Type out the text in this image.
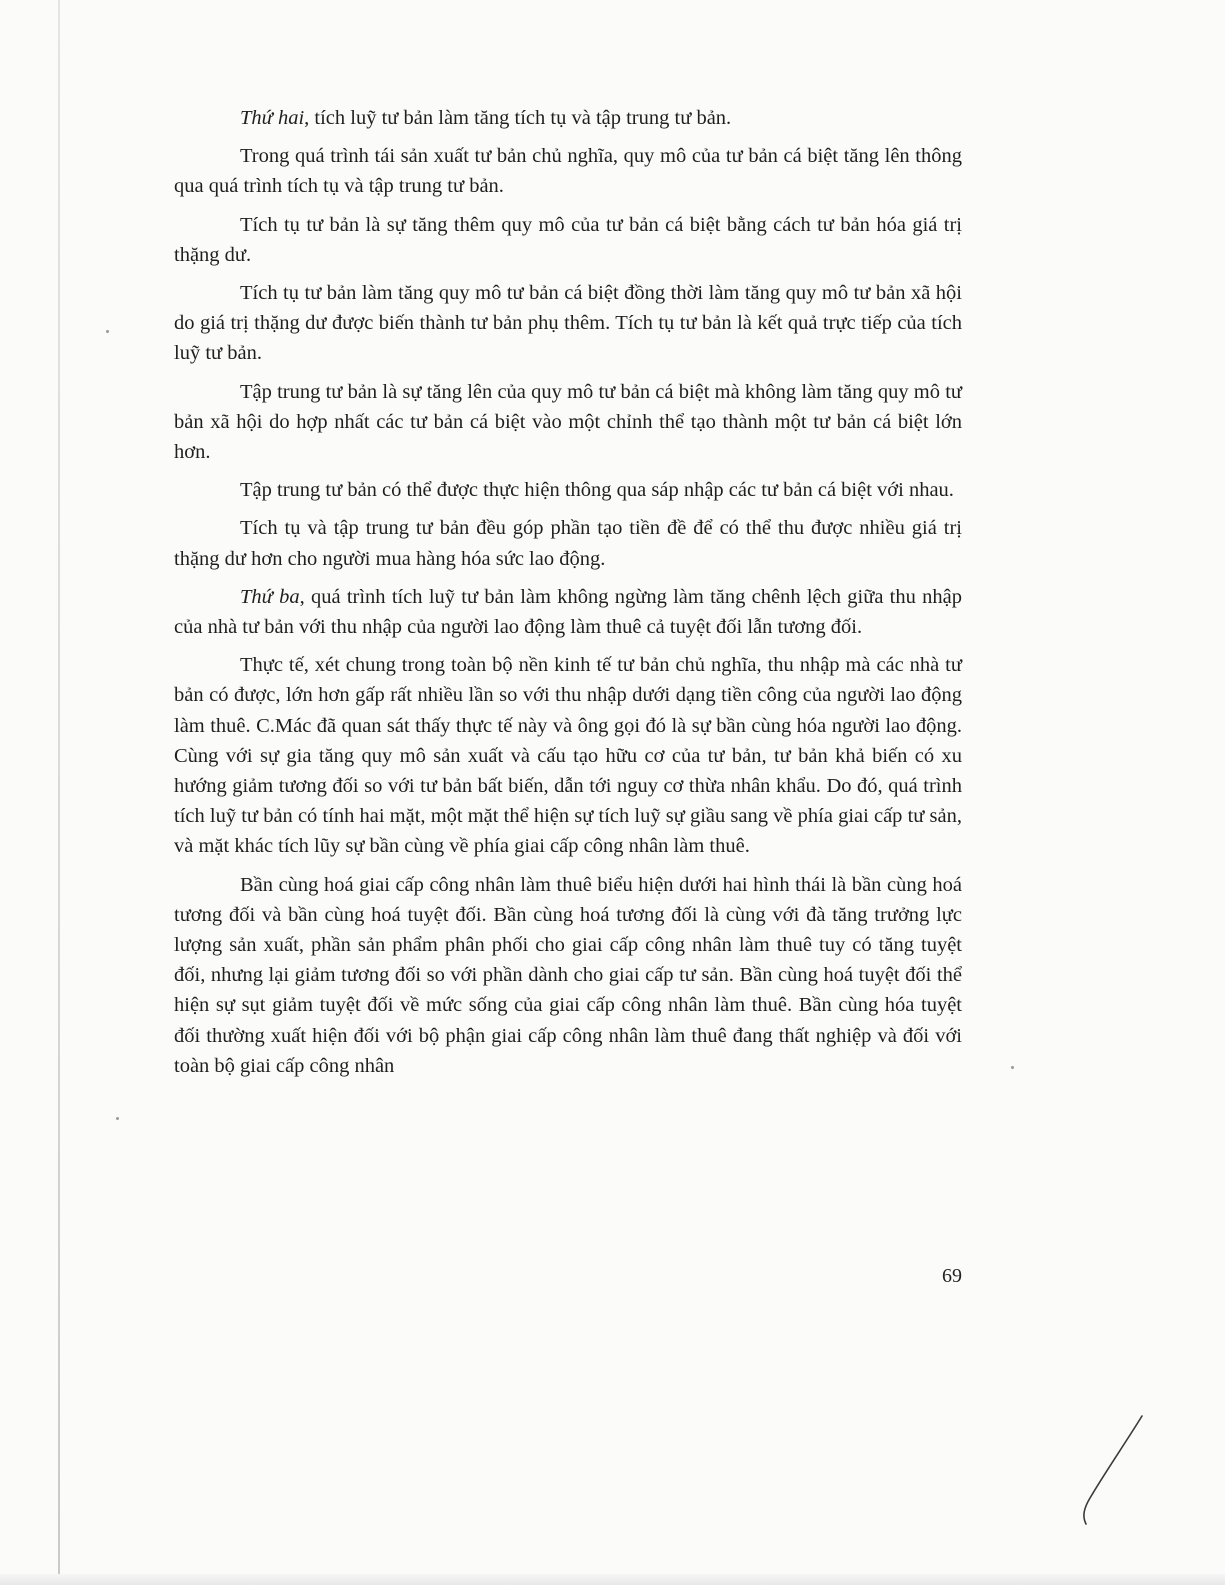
Thứ hai, tích luỹ tư bản làm tăng tích tụ và tập trung tư bản.

Trong quá trình tái sản xuất tư bản chủ nghĩa, quy mô của tư bản cá biệt tăng lên thông qua quá trình tích tụ và tập trung tư bản.

Tích tụ tư bản là sự tăng thêm quy mô của tư bản cá biệt bằng cách tư bản hóa giá trị thặng dư.

Tích tụ tư bản làm tăng quy mô tư bản cá biệt đồng thời làm tăng quy mô tư bản xã hội do giá trị thặng dư được biến thành tư bản phụ thêm. Tích tụ tư bản là kết quả trực tiếp của tích luỹ tư bản.

Tập trung tư bản là sự tăng lên của quy mô tư bản cá biệt mà không làm tăng quy mô tư bản xã hội do hợp nhất các tư bản cá biệt vào một chỉnh thể tạo thành một tư bản cá biệt lớn hơn.

Tập trung tư bản có thể được thực hiện thông qua sáp nhập các tư bản cá biệt với nhau.

Tích tụ và tập trung tư bản đều góp phần tạo tiền đề để có thể thu được nhiều giá trị thặng dư hơn cho người mua hàng hóa sức lao động.

Thứ ba, quá trình tích luỹ tư bản làm không ngừng làm tăng chênh lệch giữa thu nhập của nhà tư bản với thu nhập của người lao động làm thuê cả tuyệt đối lẫn tương đối.

Thực tế, xét chung trong toàn bộ nền kinh tế tư bản chủ nghĩa, thu nhập mà các nhà tư bản có được, lớn hơn gấp rất nhiều lần so với thu nhập dưới dạng tiền công của người lao động làm thuê. C.Mác đã quan sát thấy thực tế này và ông gọi đó là sự bần cùng hóa người lao động. Cùng với sự gia tăng quy mô sản xuất và cấu tạo hữu cơ của tư bản, tư bản khả biến có xu hướng giảm tương đối so với tư bản bất biến, dẫn tới nguy cơ thừa nhân khẩu. Do đó, quá trình tích luỹ tư bản có tính hai mặt, một mặt thể hiện sự tích luỹ sự giầu sang về phía giai cấp tư sản, và mặt khác tích lũy sự bần cùng về phía giai cấp công nhân làm thuê.

Bần cùng hoá giai cấp công nhân làm thuê biểu hiện dưới hai hình thái là bần cùng hoá tương đối và bần cùng hoá tuyệt đối. Bần cùng hoá tương đối là cùng với đà tăng trưởng lực lượng sản xuất, phần sản phẩm phân phối cho giai cấp công nhân làm thuê tuy có tăng tuyệt đối, nhưng lại giảm tương đối so với phần dành cho giai cấp tư sản. Bần cùng hoá tuyệt đối thể hiện sự sụt giảm tuyệt đối về mức sống của giai cấp công nhân làm thuê. Bần cùng hóa tuyệt đối thường xuất hiện đối với bộ phận giai cấp công nhân làm thuê đang thất nghiệp và đối với toàn bộ giai cấp công nhân

69
